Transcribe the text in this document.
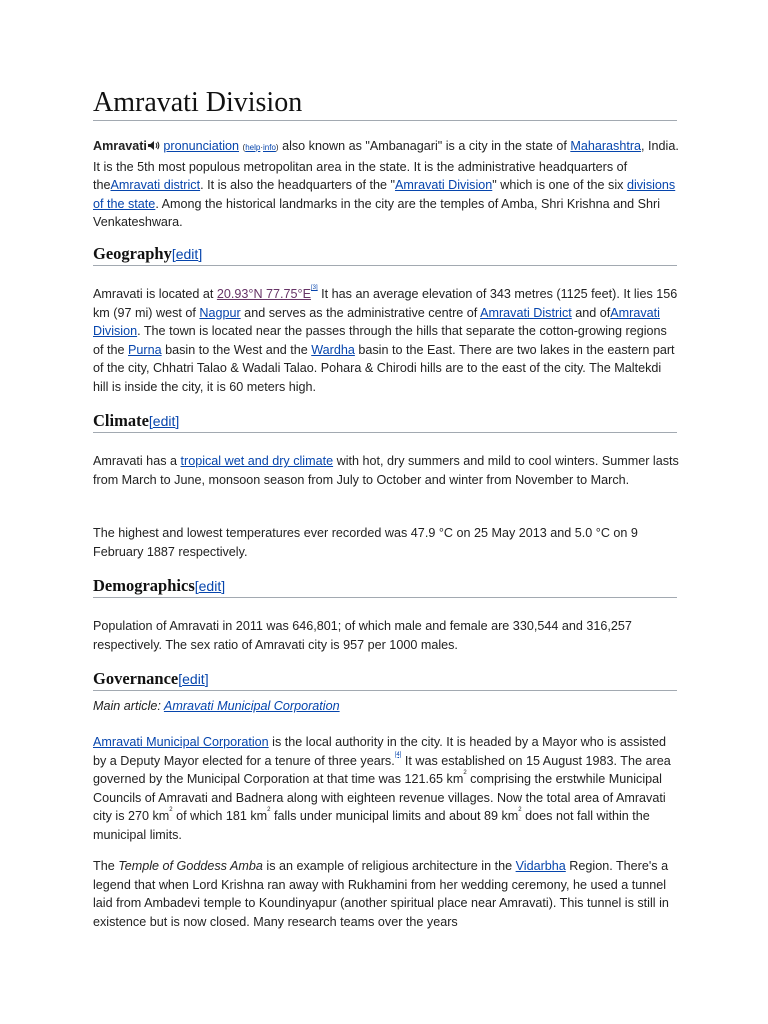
Amravati Division

Amravati pronunciation (help·info) also known as "Ambanagari" is a city in the state of Maharashtra, India. It is the 5th most populous metropolitan area in the state. It is the administrative headquarters of theAmravati district. It is also the headquarters of the "Amravati Division" which is one of the six divisions of the state. Among the historical landmarks in the city are the temples of Amba, Shri Krishna and Shri Venkateshwara.

Geography[edit]

Amravati is located at 20.93°N 77.75°E[3] It has an average elevation of 343 metres (1125 feet). It lies 156 km (97 mi) west of Nagpur and serves as the administrative centre of Amravati District and ofAmravati Division. The town is located near the passes through the hills that separate the cotton-growing regions of the Purna basin to the West and the Wardha basin to the East. There are two lakes in the eastern part of the city, Chhatri Talao & Wadali Talao. Pohara & Chirodi hills are to the east of the city. The Maltekdi hill is inside the city, it is 60 meters high.

Climate[edit]

Amravati has a tropical wet and dry climate with hot, dry summers and mild to cool winters. Summer lasts from March to June, monsoon season from July to October and winter from November to March.

The highest and lowest temperatures ever recorded was 47.9 °C on 25 May 2013 and 5.0 °C on 9 February 1887 respectively.

Demographics[edit]

Population of Amravati in 2011 was 646,801; of which male and female are 330,544 and 316,257 respectively. The sex ratio of Amravati city is 957 per 1000 males.

Governance[edit]

Main article: Amravati Municipal Corporation

Amravati Municipal Corporation is the local authority in the city. It is headed by a Mayor who is assisted by a Deputy Mayor elected for a tenure of three years.[4] It was established on 15 August 1983. The area governed by the Municipal Corporation at that time was 121.65 $km^2$ comprising the erstwhile Municipal Councils of Amravati and Badnera along with eighteen revenue villages. Now the total area of Amravati city is 270 $km^2$ of which 181 $km^2$ falls under municipal limits and about 89 $km^2$ does not fall within the municipal limits.

The Temple of Goddess Amba is an example of religious architecture in the Vidarbha Region. There's a legend that when Lord Krishna ran away with Rukhamini from her wedding ceremony, he used a tunnel laid from Ambadevi temple to Koundinyapur (another spiritual place near Amravati). This tunnel is still in existence but is now closed. Many research teams over the years
